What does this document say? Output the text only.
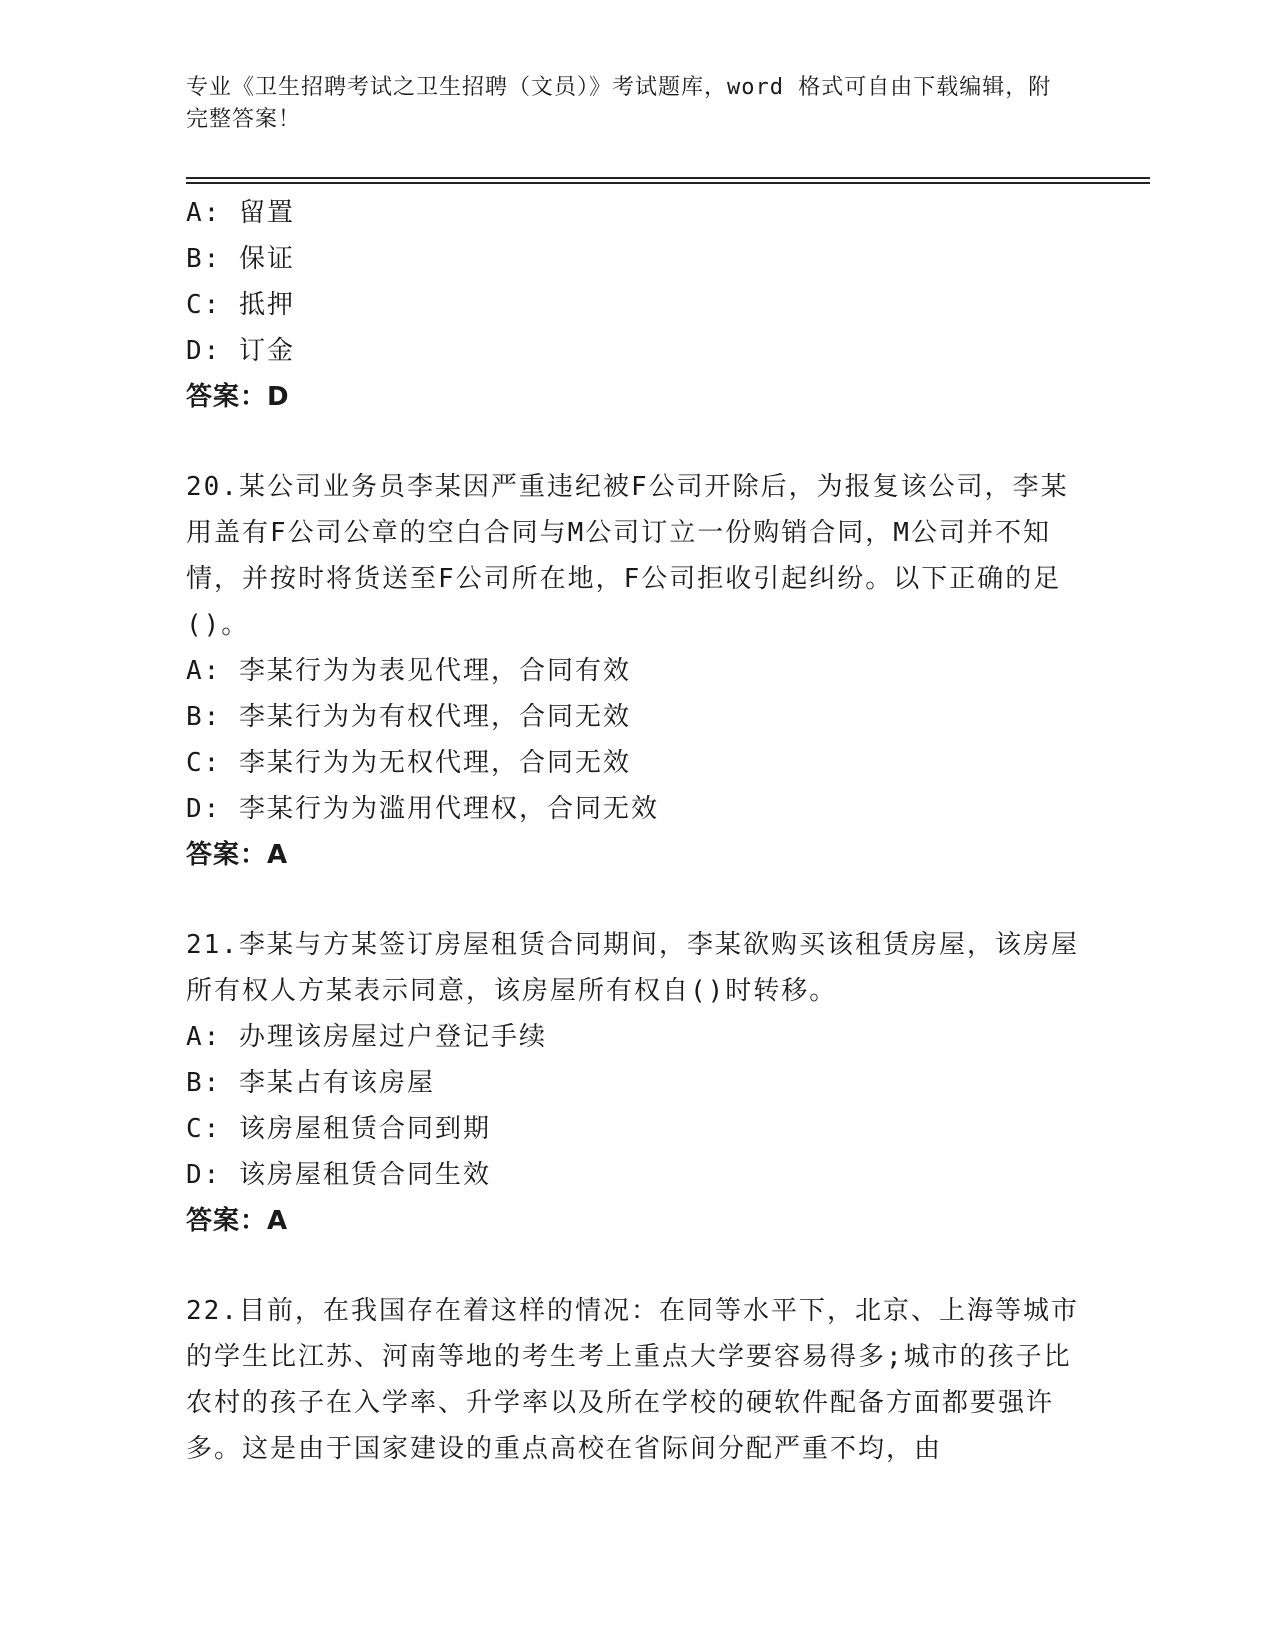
专业《卫生招聘考试之卫生招聘（文员）》考试题库，word 格式可自由下载编辑，附完整答案！
A: 留置
B: 保证
C: 抵押
D: 订金
答案：D
20.某公司业务员李某因严重违纪被F公司开除后，为报复该公司，李某用盖有F公司公章的空白合同与M公司订立一份购销合同，M公司并不知情，并按时将货送至F公司所在地，F公司拒收引起纠纷。以下正确的足()。
A: 李某行为为表见代理，合同有效
B: 李某行为为有权代理，合同无效
C: 李某行为为无权代理，合同无效
D: 李某行为为滥用代理权，合同无效
答案：A
21.李某与方某签订房屋租赁合同期间，李某欲购买该租赁房屋，该房屋所有权人方某表示同意，该房屋所有权自()时转移。
A: 办理该房屋过户登记手续
B: 李某占有该房屋
C: 该房屋租赁合同到期
D: 该房屋租赁合同生效
答案：A
22.目前，在我国存在着这样的情况：在同等水平下，北京、上海等城市的学生比江苏、河南等地的考生考上重点大学要容易得多;城市的孩子比农村的孩子在入学率、升学率以及所在学校的硬软件配备方面都要强许多。这是由于国家建设的重点高校在省际间分配严重不均，由
